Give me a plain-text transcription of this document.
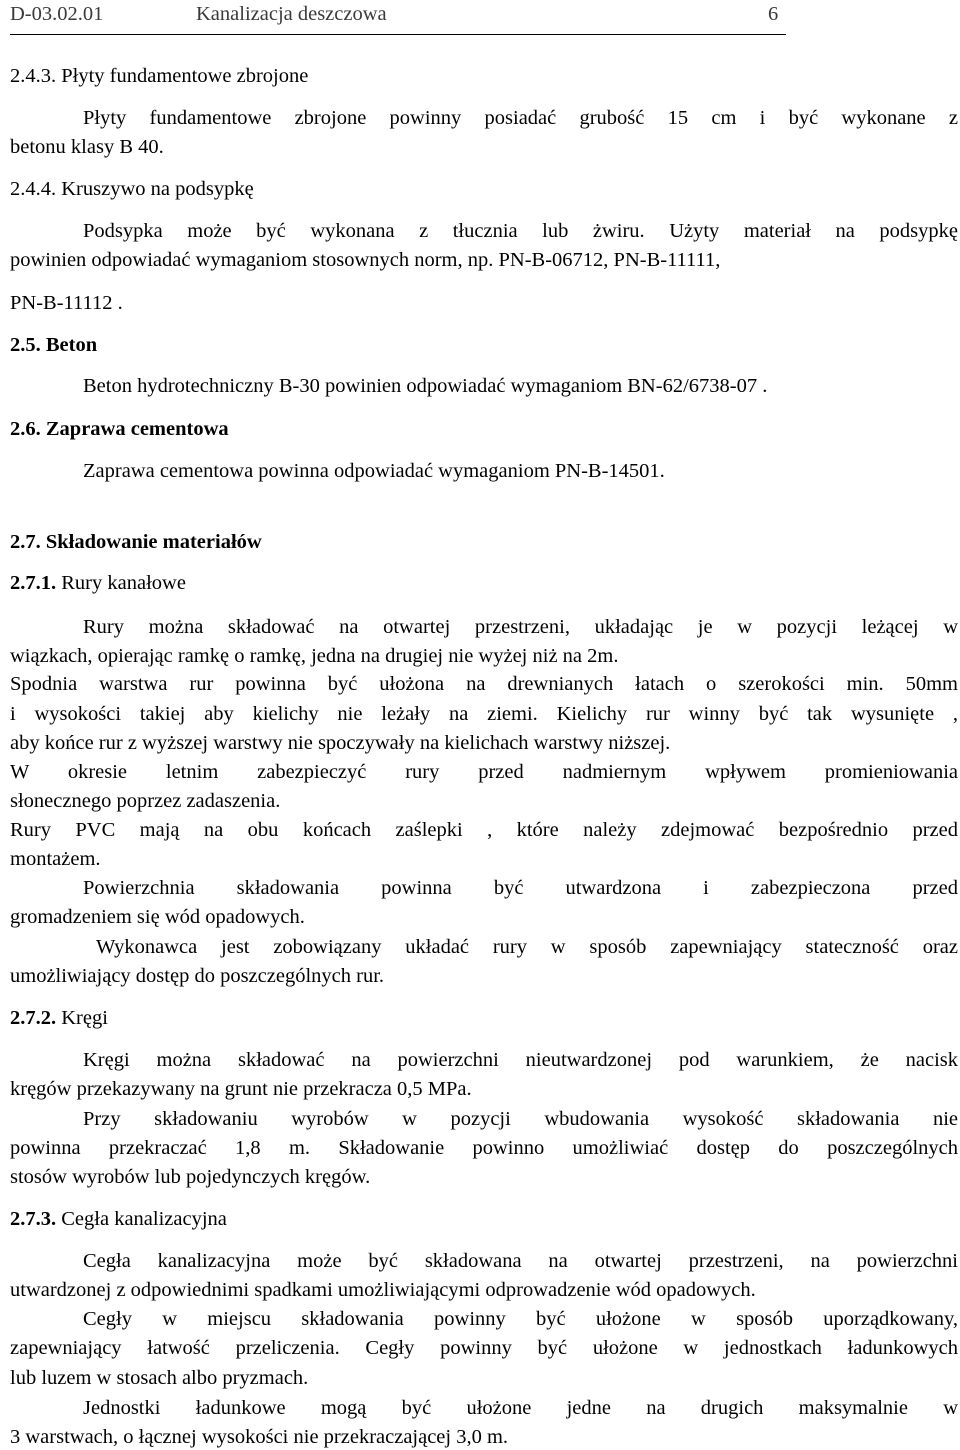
D-03.02.01	Kanalizacja deszczowa	6
2.4.3. Płyty fundamentowe zbrojone
Płyty fundamentowe zbrojone powinny posiadać grubość 15 cm i być wykonane z
betonu klasy B 40.
2.4.4. Kruszywo na podsypkę
Podsypka może być wykonana z tłucznia lub żwiru. Użyty materiał na podsypkę
powinien odpowiadać wymaganiom stosownych norm, np. PN-B-06712, PN-B-11111,
PN-B-11112 .
2.5. Beton
Beton hydrotechniczny B-30 powinien odpowiadać wymaganiom BN-62/6738-07 .
2.6. Zaprawa cementowa
Zaprawa cementowa powinna odpowiadać wymaganiom PN-B-14501.
2.7. Składowanie materiałów
2.7.1. Rury kanałowe
Rury można składować na otwartej przestrzeni, układając je w pozycji leżącej w
wiązkach, opierając ramkę o ramkę, jedna na drugiej nie wyżej niż na 2m.
Spodnia warstwa rur powinna być ułożona na drewnianych łatach o szerokości min. 50mm
i wysokości takiej aby kielichy nie leżały na ziemi. Kielichy rur winny być tak wysunięte ,
aby końce rur z wyższej warstwy nie spoczywały na kielichach warstwy niższej.
W okresie letnim zabezpieczyć rury przed nadmiernym wpływem promieniowania
słonecznego poprzez zadaszenia.
Rury PVC mają na obu końcach zaślepki , które należy zdejmować bezpośrednio przed
montażem.
Powierzchnia składowania powinna być utwardzona i zabezpieczona przed
gromadzeniem się wód opadowych.
Wykonawca jest zobowiązany układać rury w sposób zapewniający stateczność oraz
umożliwiający dostęp do poszczególnych rur.
2.7.2. Kręgi
Kręgi można składować na powierzchni nieutwardzonej pod warunkiem, że nacisk
kręgów przekazywany na grunt nie przekracza 0,5 MPa.
Przy składowaniu wyrobów w pozycji wbudowania wysokość składowania nie
powinna przekraczać 1,8 m. Składowanie powinno umożliwiać dostęp do poszczególnych
stosów wyrobów lub pojedynczych kręgów.
2.7.3. Cegła kanalizacyjna
Cegła kanalizacyjna może być składowana na otwartej przestrzeni, na powierzchni
utwardzonej z odpowiednimi spadkami umożliwiającymi odprowadzenie wód opadowych.
Cegły w miejscu składowania powinny być ułożone w sposób uporządkowany,
zapewniający łatwość przeliczenia. Cegły powinny być ułożone w jednostkach ładunkowych
lub luzem w stosach albo pryzmach.
Jednostki ładunkowe mogą być ułożone jedne na drugich maksymalnie w
3 warstwach, o łącznej wysokości nie przekraczającej 3,0 m.
